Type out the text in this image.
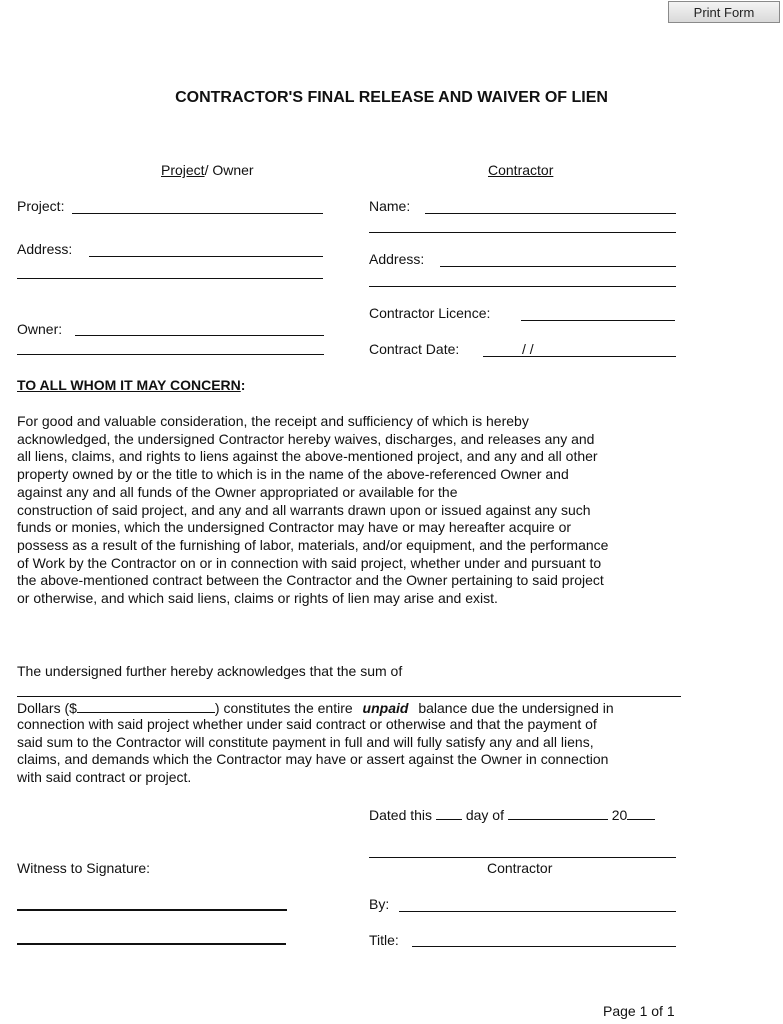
Print Form
CONTRACTOR'S FINAL RELEASE AND WAIVER OF LIEN
Project/ Owner	Contractor
Project:
Address:
Owner:
Name:
Address:
Contractor Licence:
Contract Date:	/ /
TO ALL WHOM IT MAY CONCERN:
For good and valuable consideration, the receipt and sufficiency of which is hereby
acknowledged, the undersigned Contractor hereby waives, discharges, and releases any and
all liens, claims, and rights to liens against the above-mentioned project, and any and all other
property owned by or the title to which is in the name of the above-referenced Owner and
against any and all funds of the Owner appropriated or available for the
construction of said project, and any and all warrants drawn upon or issued against any such
funds or monies, which the undersigned Contractor may have or may hereafter acquire or
possess as a result of the furnishing of labor, materials, and/or equipment, and the performance
of Work by the Contractor on or in connection with said project, whether under and pursuant to
the above-mentioned contract between the Contractor and the Owner pertaining to said project
or otherwise, and which said liens, claims or rights of lien may arise and exist.
The undersigned further hereby acknowledges that the sum of
Dollars ($	) constitutes the entire unpaid balance due the undersigned in
connection with said project whether under said contract or otherwise and that the payment of
said sum to the Contractor will constitute payment in full and will fully satisfy any and all liens,
claims, and demands which the Contractor may have or assert against the Owner in connection
with said contract or project.
Dated this day of	20
Witness to Signature:	Contractor
By:
Title:
Page 1 of 1
